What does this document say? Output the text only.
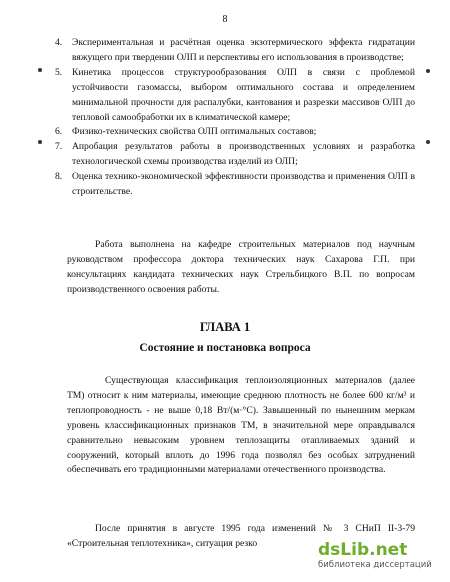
8
4. Экспериментальная и расчётная оценка экзотермического эффекта гидратации вяжущего при твердении ОЛП и перспективы его использования в производстве;
5. Кинетика процессов структурообразования ОЛП в связи с проблемой устойчивости газомассы, выбором оптимального состава и определением минимальной прочности для распалубки, кантования и разрезки массивов ОЛП до тепловой самообработки их в климатической камере;
6. Физико-технических свойства ОЛП оптимальных составов;
7. Апробация результатов работы в производственных условиях и разработка технологической схемы производства изделий из ОЛП;
8. Оценка технико-экономической эффективности производства и применения ОЛП в строительстве.
Работа выполнена на кафедре строительных материалов под научным руководством профессора доктора технических наук Сахарова Г.П. при консультациях кандидата технических наук Стрельбицкого В.П. по вопросам производственного освоения работы.
ГЛАВА 1
Состояние и постановка вопроса
Существующая классификация теплоизоляционных материалов (далее ТМ) относит к ним материалы, имеющие среднюю плотность не более 600 кг/м³ и теплопроводность - не выше 0,18 Вт/(м·°С). Завышенный по нынешним меркам уровень классификационных признаков ТМ, в значительной мере оправдывался сравнительно невысоким уровнем теплозащиты отапливаемых зданий и сооружений, который вплоть до 1996 года позволял без особых затруднений обеспечивать его традиционными материалами отечественного производства.
После принятия в августе 1995 года изменений № 3 СНиП II-3-79 «Строительная теплотехника», ситуация резко	dsLib.net
библиотека диссертаций
